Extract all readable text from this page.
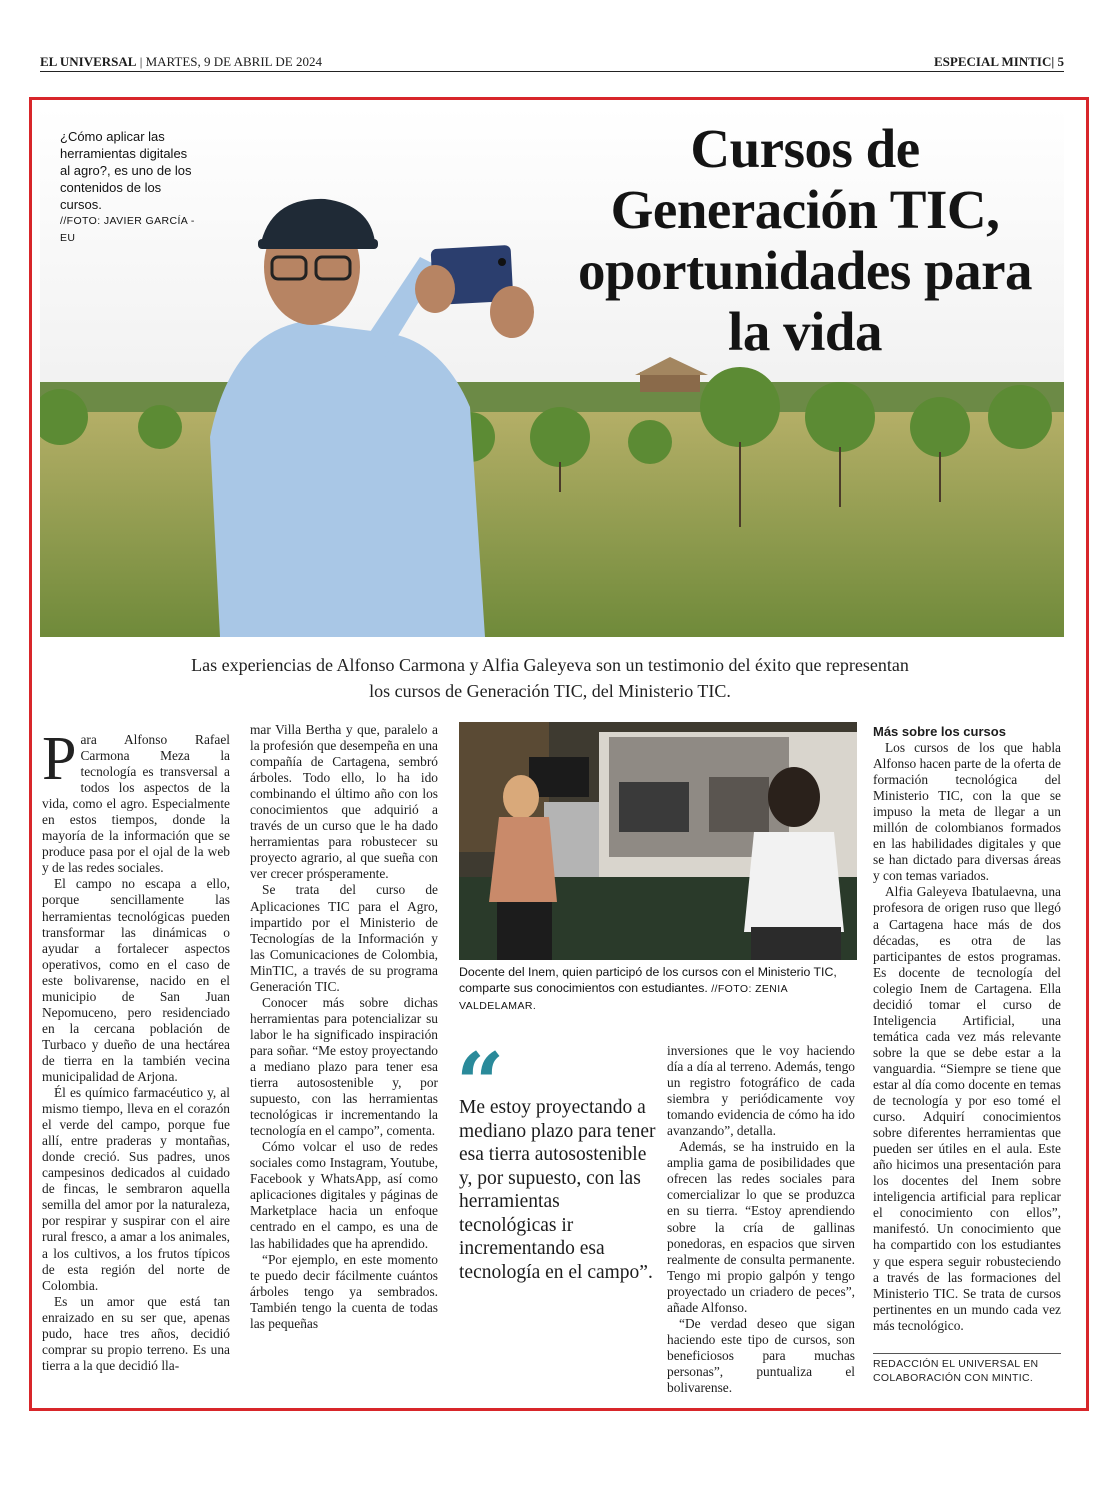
EL UNIVERSAL | MARTES, 9 DE ABRIL DE 2024	ESPECIAL MINTIC| 5
¿Cómo aplicar las herramientas digitales al agro?, es uno de los contenidos de los cursos.
//FOTO: JAVIER GARCÍA - EU
Cursos de Generación TIC, oportunidades para la vida
Las experiencias de Alfonso Carmona y Alfia Galeyeva son un testimonio del éxito que representan los cursos de Generación TIC, del Ministerio TIC.
P ara Alfonso Rafael Carmona Meza la tecnología es transversal a todos los aspectos de la vida, como el agro. Especialmente en estos tiempos, donde la mayoría de la información que se produce pasa por el ojal de la web y de las redes sociales.

El campo no escapa a ello, porque sencillamente las herramientas tecnológicas pueden transformar las dinámicas o ayudar a fortalecer aspectos operativos, como en el caso de este bolivarense, nacido en el municipio de San Juan Nepomuceno, pero residenciado en la cercana población de Turbaco y dueño de una hectárea de tierra en la también vecina municipalidad de Arjona.

Él es químico farmacéutico y, al mismo tiempo, lleva en el corazón el verde del campo, porque fue allí, entre praderas y montañas, donde creció. Sus padres, unos campesinos dedicados al cuidado de fincas, le sembraron aquella semilla del amor por la naturaleza, por respirar y suspirar con el aire rural fresco, a amar a los animales, a los cultivos, a los frutos típicos de esta región del norte de Colombia.

Es un amor que está tan enraizado en su ser que, apenas pudo, hace tres años, decidió comprar su propio terreno. Es una tierra a la que decidió lla-

mar Villa Bertha y que, paralelo a la profesión que desempeña en una compañía de Cartagena, sembró árboles. Todo ello, lo ha ido combinando el último año con los conocimientos que adquirió a través de un curso que le ha dado herramientas para robustecer su proyecto agrario, al que sueña con ver crecer prósperamente.

Se trata del curso de Aplicaciones TIC para el Agro, impartido por el Ministerio de Tecnologías de la Información y las Comunicaciones de Colombia, MinTIC, a través de su programa Generación TIC.

Conocer más sobre dichas herramientas para potencializar su labor le ha significado inspiración para soñar. “Me estoy proyectando a mediano plazo para tener esa tierra autosostenible y, por supuesto, con las herramientas tecnológicas ir incrementando la tecnología en el campo”, comenta.

Cómo volcar el uso de redes sociales como Instagram, Youtube, Facebook y WhatsApp, así como aplicaciones digitales y páginas de Marketplace hacia un enfoque centrado en el campo, es una de las habilidades que ha aprendido.

“Por ejemplo, en este momento te puedo decir fácilmente cuántos árboles tengo ya sembrados. También tengo la cuenta de todas las pequeñas

Docente del Inem, quien participó de los cursos con el Ministerio TIC, comparte sus conocimientos con estudiantes. //FOTO: ZENIA VALDELAMAR.
“
Me estoy proyectando a mediano plazo para tener esa tierra autosostenible y, por supuesto, con las herramientas tecnológicas ir incrementando esa tecnología en el campo”.

inversiones que le voy haciendo día a día al terreno. Además, tengo un registro fotográfico de cada siembra y periódicamente voy tomando evidencia de cómo ha ido avanzando”, detalla.

Además, se ha instruido en la amplia gama de posibilidades que ofrecen las redes sociales para comercializar lo que se produzca en su tierra. “Estoy aprendiendo sobre la cría de gallinas ponedoras, en espacios que sirven realmente de consulta permanente. Tengo mi propio galpón y tengo proyectado un criadero de peces”, añade Alfonso.

“De verdad deseo que sigan haciendo este tipo de cursos, son beneficiosos para muchas personas”, puntualiza el bolivarense.

Más sobre los cursos

Los cursos de los que habla Alfonso hacen parte de la oferta de formación tecnológica del Ministerio TIC, con la que se impuso la meta de llegar a un millón de colombianos formados en las habilidades digitales y que se han dictado para diversas áreas y con temas variados.

Alfia Galeyeva Ibatulaevna, una profesora de origen ruso que llegó a Cartagena hace más de dos décadas, es otra de las participantes de estos programas. Es docente de tecnología del colegio Inem de Cartagena. Ella decidió tomar el curso de Inteligencia Artificial, una temática cada vez más relevante sobre la que se debe estar a la vanguardia. “Siempre se tiene que estar al día como docente en temas de tecnología y por eso tomé el curso. Adquirí conocimientos sobre diferentes herramientas que pueden ser útiles en el aula. Este año hicimos una presentación para los docentes del Inem sobre inteligencia artificial para replicar el conocimiento con ellos”, manifestó. Un conocimiento que ha compartido con los estudiantes y que espera seguir robusteciendo a través de las formaciones del Ministerio TIC. Se trata de cursos pertinentes en un mundo cada vez más tecnológico.

REDACCIÓN EL UNIVERSAL EN COLABORACIÓN CON MINTIC.
